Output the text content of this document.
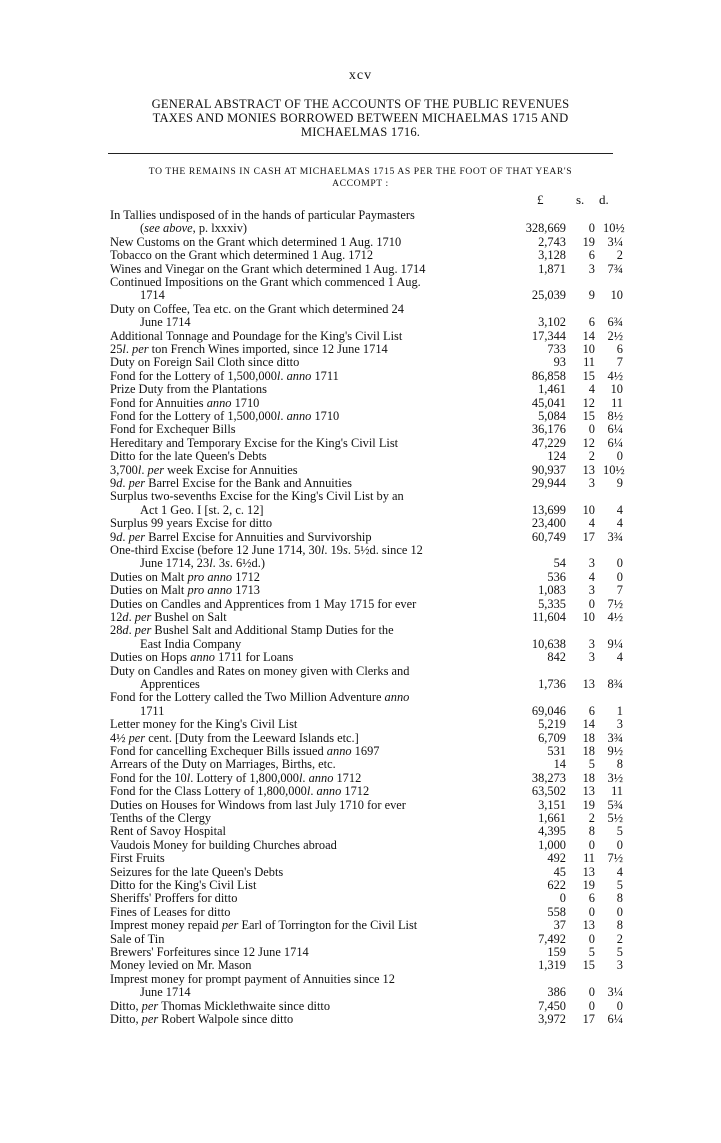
xcv
GENERAL ABSTRACT OF THE ACCOUNTS OF THE PUBLIC REVENUES
TAXES AND MONIES BORROWED BETWEEN MICHAELMAS 1715 AND
MICHAELMAS 1716.
TO THE REMAINS IN CASH AT MICHAELMAS 1715 AS PER THE FOOT OF THAT YEAR'S
ACCOMPT :
£	s. d.
In Tallies undisposed of in the hands of particular Paymasters
(see above, p. lxxxiv)	328,669	0 10½
New Customs on the Grant which determined 1 Aug. 1710	2,743	19	3¼
Tobacco on the Grant which determined 1 Aug. 1712	3,128	6	2
Wines and Vinegar on the Grant which determined 1 Aug. 1714	1,871	3	7¾
Continued Impositions on the Grant which commenced 1 Aug.
1714	25,039	9	10
Duty on Coffee, Tea etc. on the Grant which determined 24
June 1714	3,102	6	6¾
Additional Tonnage and Poundage for the King's Civil List	17,344	14	2½
25l. per ton French Wines imported, since 12 June 1714	733	10	6
Duty on Foreign Sail Cloth since ditto	93	11	7
Fond for the Lottery of 1,500,000l. anno 1711	86,858	15	4½
Prize Duty from the Plantations	1,461	4	10
Fond for Annuities anno 1710	45,041	12	11
Fond for the Lottery of 1,500,000l. anno 1710	5,084	15	8½
Fond for Exchequer Bills	36,176	0	6¼
Hereditary and Temporary Excise for the King's Civil List	47,229	12	6¼
Ditto for the late Queen's Debts	124	2	0
3,700l. per week Excise for Annuities	90,937	13 10½
9d. per Barrel Excise for the Bank and Annuities	29,944	3	9
Surplus two-sevenths Excise for the King's Civil List by an
Act 1 Geo. I [st. 2, c. 12]	13,699	10	4
Surplus 99 years Excise for ditto	23,400	4	4
9d. per Barrel Excise for Annuities and Survivorship	60,749	17	3¾
One-third Excise (before 12 June 1714, 30l. 19s. 5½d. since 12
June 1714, 23l. 3s. 6½d.)	54	3	0
Duties on Malt pro anno 1712	536	4	0
Duties on Malt pro anno 1713	1,083	3	7
Duties on Candles and Apprentices from 1 May 1715 for ever	5,335	0	7½
12d. per Bushel on Salt	11,604	10	4½
28d. per Bushel Salt and Additional Stamp Duties for the
East India Company	10,638	3	9¼
Duties on Hops anno 1711 for Loans	842	3	4
Duty on Candles and Rates on money given with Clerks and
Apprentices	1,736	13	8¾
Fond for the Lottery called the Two Million Adventure anno
1711	69,046	6	1
Letter money for the King's Civil List	5,219	14	3
4½ per cent. [Duty from the Leeward Islands etc.]	6,709	18	3¾
Fond for cancelling Exchequer Bills issued anno 1697	531	18	9½
Arrears of the Duty on Marriages, Births, etc.	14	5	8
Fond for the 10l. Lottery of 1,800,000l. anno 1712	38,273	18	3½
Fond for the Class Lottery of 1,800,000l. anno 1712	63,502	13	11
Duties on Houses for Windows from last July 1710 for ever	3,151	19	5¾
Tenths of the Clergy	1,661	2	5½
Rent of Savoy Hospital	4,395	8	5
Vaudois Money for building Churches abroad	1,000	0	0
First Fruits	492	11	7½
Seizures for the late Queen's Debts	45	13	4
Ditto for the King's Civil List	622	19	5
Sheriffs' Proffers for ditto	0	6	8
Fines of Leases for ditto	558	0	0
Imprest money repaid per Earl of Torrington for the Civil List	37	13	8
Sale of Tin	7,492	0	2
Brewers' Forfeitures since 12 June 1714	159	5	5
Money levied on Mr. Mason	1,319	15	3
Imprest money for prompt payment of Annuities since 12
June 1714	386	0	3¼
Ditto, per Thomas Micklethwaite since ditto	7,450	0	0
Ditto, per Robert Walpole since ditto	3,972	17	6¼
